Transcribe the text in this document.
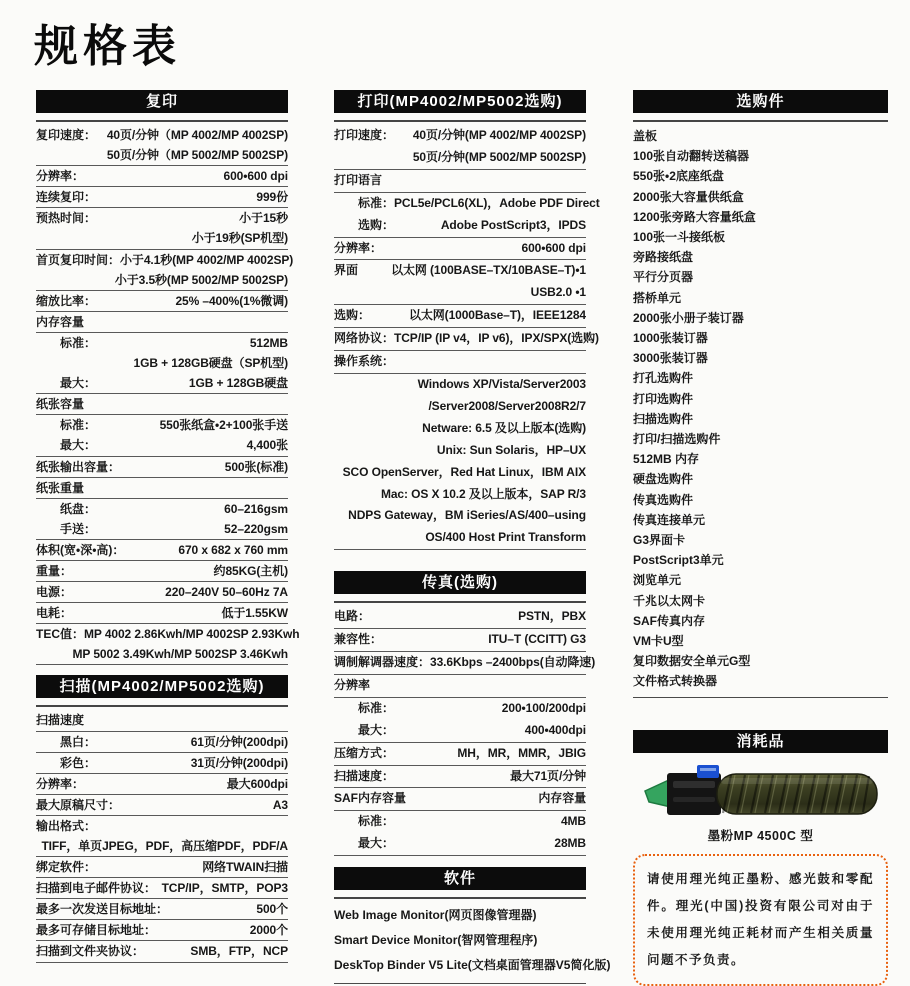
规格表
复印
复印速度： 40页/分钟（MP 4002/MP 4002SP)
50页/分钟（MP 5002/MP 5002SP)
分辨率：	600•600 dpi
连续复印：	999份
预热时间：	小于15秒
小于19秒(SP机型)
首页复印时间： 小于4.1秒(MP 4002/MP 4002SP)
小于3.5秒(MP 5002/MP 5002SP)
缩放比率：	25% –400%(1%微调)
内存容量
标准：	512MB
1GB + 128GB硬盘（SP机型)
最大：	1GB + 128GB硬盘
纸张容量
标准：	550张纸盒•2+100张手送
最大：	4,400张
纸张输出容量：	500张(标准)
纸张重量
纸盘：	60–216gsm
手送：	52–220gsm
体积(宽•深•高)：	670 x 682 x 760 mm
重量：	约85KG(主机)
电源：	220–240V 50–60Hz 7A
电耗：	低于1.55KW
TEC值： MP 4002 2.86Kwh/MP 4002SP 2.93Kwh
MP 5002 3.49Kwh/MP 5002SP 3.46Kwh
扫描(MP4002/MP5002选购)
扫描速度
黑白：	61页/分钟(200dpi)
彩色：	31页/分钟(200dpi)
分辨率：	最大600dpi
最大原稿尺寸：	A3
输出格式：
TIFF，单页JPEG，PDF，高压缩PDF，PDF/A
绑定软件：	网络TWAIN扫描
扫描到电子邮件协议： TCP/IP，SMTP，POP3
最多一次发送目标地址：	500个
最多可存储目标地址：	2000个
扫描到文件夹协议：	SMB，FTP，NCP
打印(MP4002/MP5002选购)
打印速度：	40页/分钟(MP 4002/MP 4002SP)
50页/分钟(MP 5002/MP 5002SP)
打印语言
标准： PCL5e/PCL6(XL)，Adobe PDF Direct
选购：	Adobe PostScript3，IPDS
分辨率：	600•600 dpi
界面	以太网 (100BASE–TX/10BASE–T)•1
USB2.0 •1
选购：	以太网(1000Base–T)，IEEE1284
网络协议： TCP/IP (IP v4，IP v6)，IPX/SPX(选购)
操作系统：
Windows XP/Vista/Server2003
/Server2008/Server2008R2/7
Netware: 6.5 及以上版本(选购)
Unix: Sun Solaris，HP–UX
SCO OpenServer，Red Hat Linux，IBM AIX
Mac: OS X 10.2 及以上版本，SAP R/3
NDPS Gateway，BM iSeries/AS/400–using
OS/400 Host Print Transform
传真(选购)
电路：	PSTN，PBX
兼容性：	ITU–T (CCITT) G3
调制解调器速度： 33.6Kbps –2400bps(自动降速)
分辨率
标准：	200•100/200dpi
最大：	400•400dpi
压缩方式：	MH，MR，MMR，JBIG
扫描速度：	最大71页/分钟
SAF内存容量	内存容量
标准：	4MB
最大：	28MB
软件
Web Image Monitor(网页图像管理器)
Smart Device Monitor(智网管理程序)
DeskTop Binder V5 Lite(文档桌面管理器V5简化版)
选购件
盖板
100张自动翻转送稿器
550张•2底座纸盘
2000张大容量供纸盒
1200张旁路大容量纸盒
100张一斗接纸板
旁路接纸盘
平行分页器
搭桥单元
2000张小册子装订器
1000张装订器
3000张装订器
打孔选购件
打印选购件
扫描选购件
打印/扫描选购件
512MB 内存
硬盘选购件
传真选购件
传真连接单元
G3界面卡
PostScript3单元
浏览单元
千兆以太网卡
SAF传真内存
VM卡U型
复印数据安全单元G型
文件格式转换器
消耗品
墨粉MP 4500C 型
请使用理光纯正墨粉、感光鼓和零配件。理光(中国)投资有限公司对由于未使用理光纯正耗材而产生相关质量问题不予负责。
